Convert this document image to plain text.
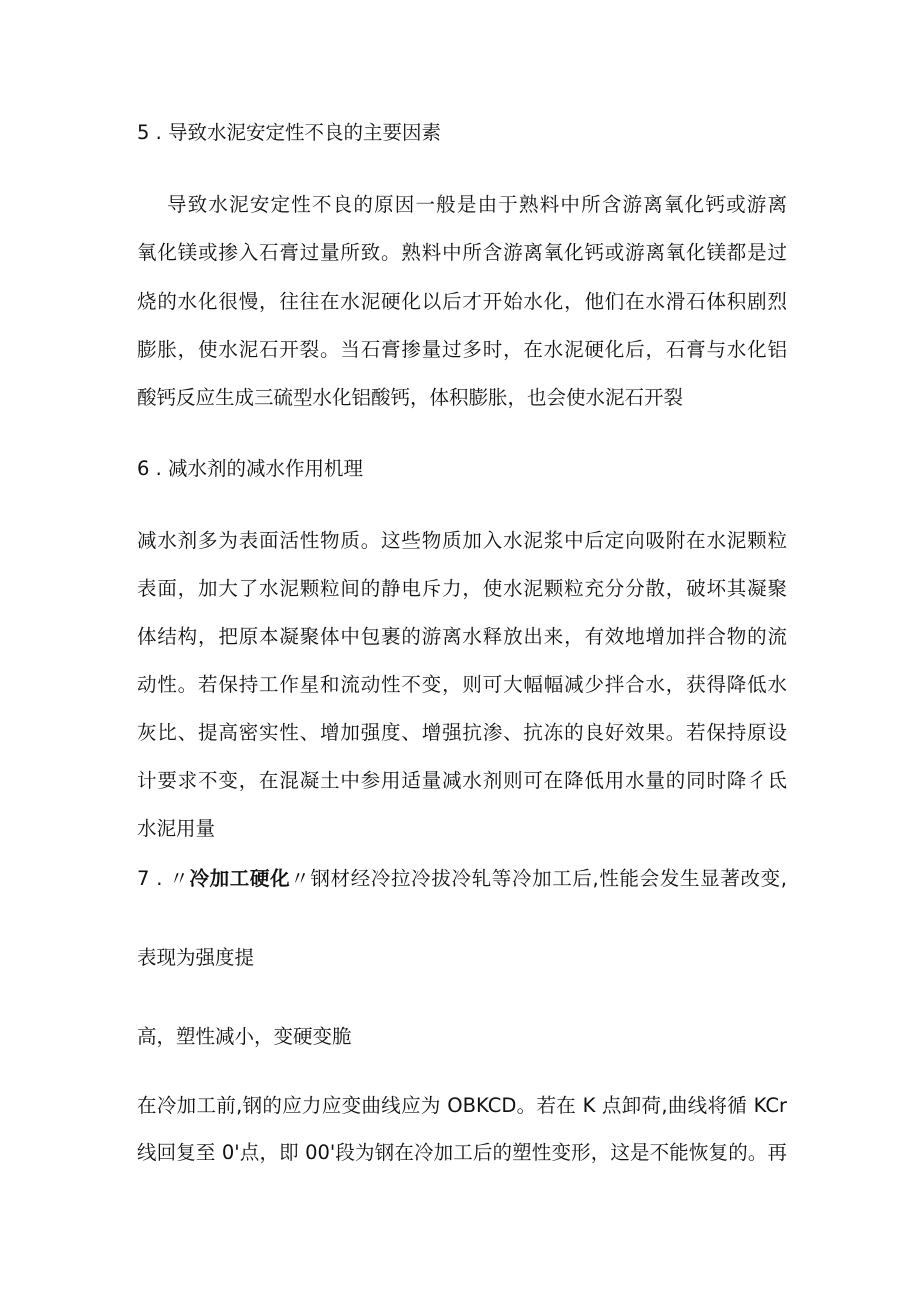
5 . 导致水泥安定性不良的主要因素
导致水泥安定性不良的原因一般是由于熟料中所含游离氧化钙或游离
氧化镁或掺入石膏过量所致。熟料中所含游离氧化钙或游离氧化镁都是过
烧的水化很慢，往往在水泥硬化以后才开始水化，他们在水滑石体积剧烈
膨胀，使水泥石开裂。当石膏掺量过多时，在水泥硬化后，石膏与水化铝
酸钙反应生成三硫型水化铝酸钙，体积膨胀，也会使水泥石开裂
6 . 减水剂的减水作用机理
减水剂多为表面活性物质。这些物质加入水泥浆中后定向吸附在水泥颗粒
表面，加大了水泥颗粒间的静电斥力，使水泥颗粒充分分散，破坏其凝聚
体结构，把原本凝聚体中包裹的游离水释放出来，有效地增加拌合物的流
动性。若保持工作星和流动性不变，则可大幅幅减少拌合水，获得降低水
灰比、提高密实性、增加强度、增强抗渗、抗冻的良好效果。若保持原设
计要求不变，在混凝土中参用适量减水剂则可在降低用水量的同时降彳氐
水泥用量
7 . 〃冷加工硬化〃钢材经冷拉冷拔冷轧等冷加工后,性能会发生显著改变,
表现为强度提
高，塑性减小，变硬变脆
在冷加工前,钢的应力应变曲线应为 OBKCD。若在 K 点卸荷,曲线将循 KCr
线回复至 0'点，即 00'段为钢在冷加工后的塑性变形，这是不能恢复的。再
